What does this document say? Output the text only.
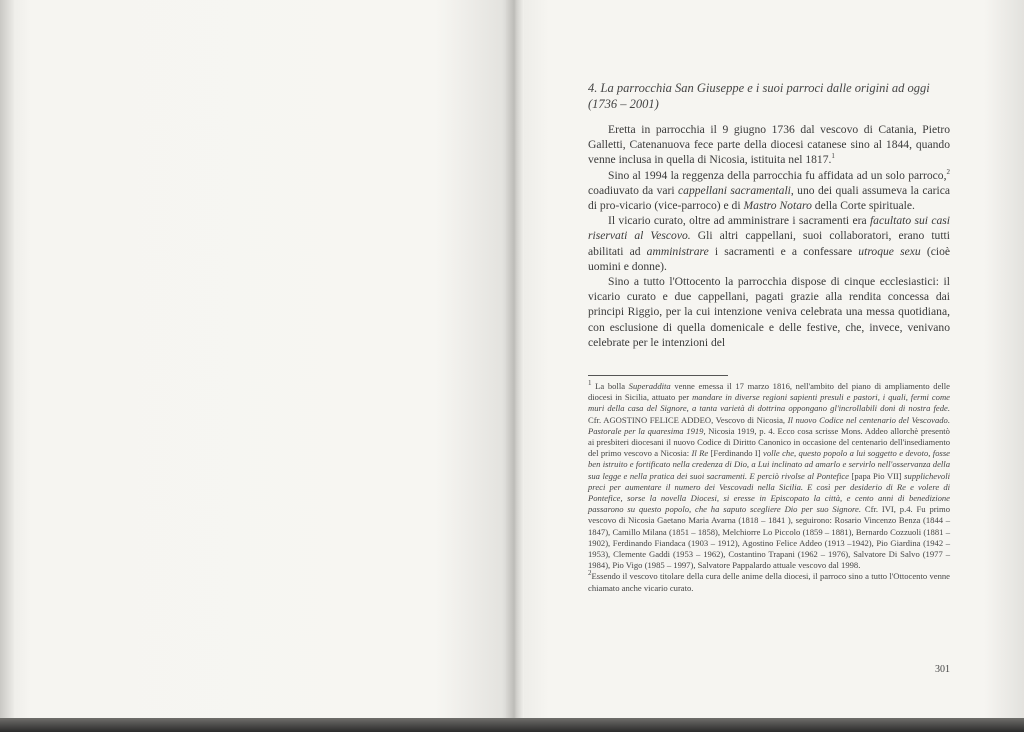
4. La parrocchia San Giuseppe e i suoi parroci dalle origini ad oggi
(1736 – 2001)

Eretta in parrocchia il 9 giugno 1736 dal vescovo di Catania, Pietro Galletti, Catenanuova fece parte della diocesi catanese sino al 1844, quando venne inclusa in quella di Nicosia, istituita nel 1817.$^1$

Sino al 1994 la reggenza della parrocchia fu affidata ad un solo parroco,$^2$ coadiuvato da vari cappellani sacramentali, uno dei quali assumeva la carica di pro-vicario (vice-parroco) e di Mastro Notaro della Corte spirituale.

Il vicario curato, oltre ad amministrare i sacramenti era facultato sui casi riservati al Vescovo. Gli altri cappellani, suoi collaboratori, erano tutti abilitati ad amministrare i sacramenti e a confessare utroque sexu (cioè uomini e donne).

Sino a tutto l'Ottocento la parrocchia dispose di cinque ecclesiastici: il vicario curato e due cappellani, pagati grazie alla rendita concessa dai principi Riggio, per la cui intenzione veniva celebrata una messa quotidiana, con esclusione di quella domenicale e delle festive, che, invece, venivano celebrate per le intenzioni del

$^1$ La bolla Superaddita venne emessa il 17 marzo 1816, nell'ambito del piano di ampliamento delle diocesi in Sicilia, attuato per mandare in diverse regioni sapienti presuli e pastori, i quali, fermi come muri della casa del Signore, a tanta varietà di dottrina oppongano gl'incrollabili doni di nostra fede. Cfr. AGOSTINO FELICE ADDEO, Vescovo di Nicosia, Il nuovo Codice nel centenario del Vescovado. Pastorale per la quaresima 1919, Nicosia 1919, p. 4. Ecco cosa scrisse Mons. Addeo allorchè presentò ai presbiteri diocesani il nuovo Codice di Diritto Canonico in occasione del centenario dell'insediamento del primo vescovo a Nicosia: Il Re [Ferdinando I] volle che, questo popolo a lui soggetto e devoto, fosse ben istruito e fortificato nella credenza di Dio, a Lui inclinato ad amarlo e servirlo nell'osservanza della sua legge e nella pratica dei suoi sacramenti. E perciò rivolse al Pontefice [papa Pio VII] supplichevoli preci per aumentare il numero dei Vescovadi nella Sicilia. E così per desiderio di Re e volere di Pontefice, sorse la novella Diocesi, si eresse in Episcopato la città, e cento anni di benedizione passarono su questo popolo, che ha saputo scegliere Dio per suo Signore. Cfr. IVI, p.4. Fu primo vescovo di Nicosia Gaetano Maria Avarna (1818 – 1841 ), seguirono: Rosario Vincenzo Benza (1844 –1847), Camillo Milana (1851 – 1858), Melchiorre Lo Piccolo (1859 – 1881), Bernardo Cozzuoli (1881 – 1902), Ferdinando Fiandaca (1903 – 1912), Agostino Felice Addeo (1913 –1942), Pio Giardina (1942 – 1953), Clemente Gaddi (1953 – 1962), Costantino Trapani (1962 – 1976), Salvatore Di Salvo (1977 – 1984), Pio Vigo (1985 – 1997), Salvatore Pappalardo attuale vescovo dal 1998.

$^2$Essendo il vescovo titolare della cura delle anime della diocesi, il parroco sino a tutto l'Ottocento venne chiamato anche vicario curato.

301
